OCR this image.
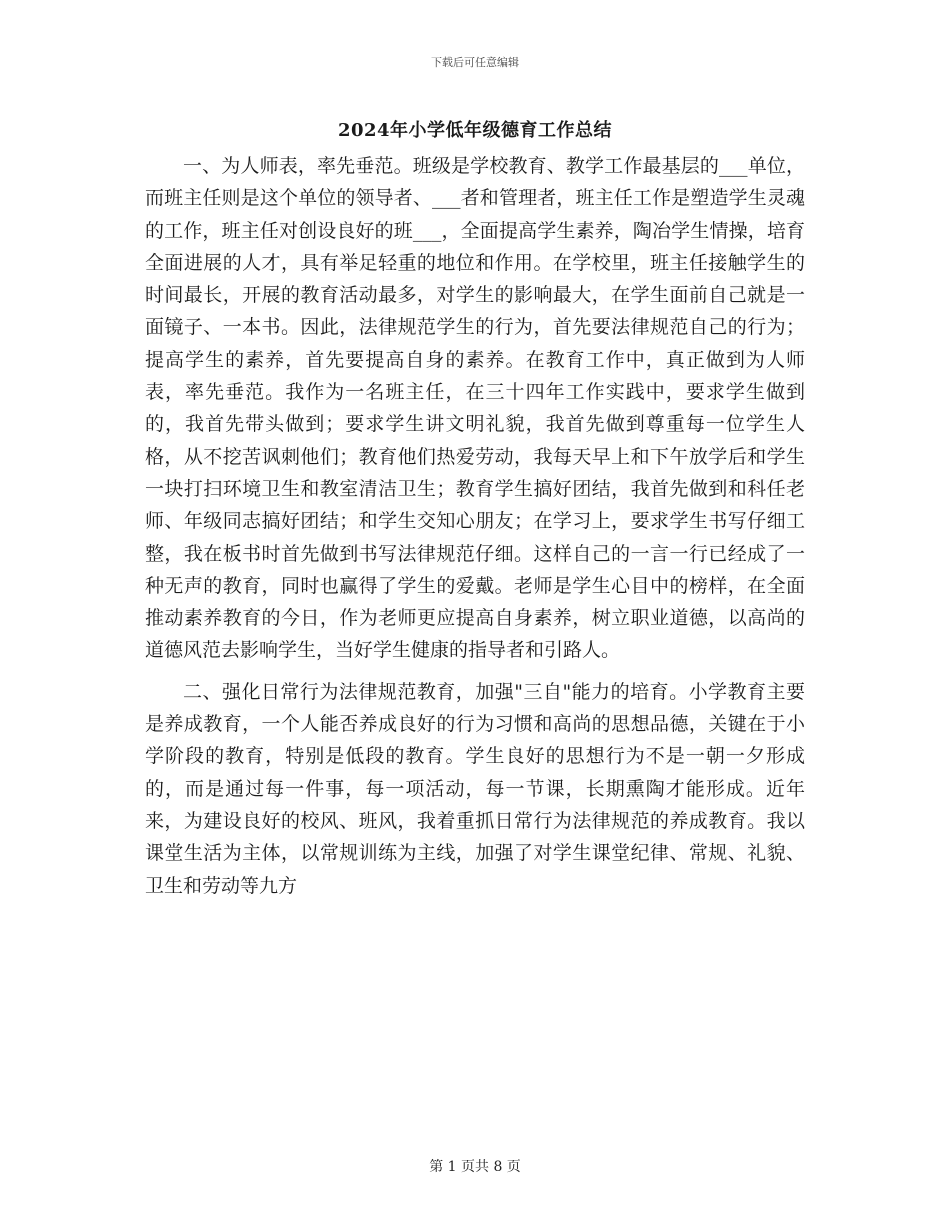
下载后可任意编辑
2024年小学低年级德育工作总结

一、为人师表，率先垂范。班级是学校教育、教学工作最基层的___单位，而班主任则是这个单位的领导者、___者和管理者，班主任工作是塑造学生灵魂的工作，班主任对创设良好的班___，全面提高学生素养，陶冶学生情操，培育全面进展的人才，具有举足轻重的地位和作用。在学校里，班主任接触学生的时间最长，开展的教育活动最多，对学生的影响最大，在学生面前自己就是一面镜子、一本书。因此，法律规范学生的行为，首先要法律规范自己的行为；提高学生的素养，首先要提高自身的素养。在教育工作中，真正做到为人师表，率先垂范。我作为一名班主任，在三十四年工作实践中，要求学生做到的，我首先带头做到；要求学生讲文明礼貌，我首先做到尊重每一位学生人格，从不挖苦讽刺他们；教育他们热爱劳动，我每天早上和下午放学后和学生一块打扫环境卫生和教室清洁卫生；教育学生搞好团结，我首先做到和科任老师、年级同志搞好团结；和学生交知心朋友；在学习上，要求学生书写仔细工整，我在板书时首先做到书写法律规范仔细。这样自己的一言一行已经成了一种无声的教育，同时也赢得了学生的爱戴。老师是学生心目中的榜样，在全面推动素养教育的今日，作为老师更应提高自身素养，树立职业道德，以高尚的道德风范去影响学生，当好学生健康的指导者和引路人。

二、强化日常行为法律规范教育，加强"三自"能力的培育。小学教育主要是养成教育，一个人能否养成良好的行为习惯和高尚的思想品德，关键在于小学阶段的教育，特别是低段的教育。学生良好的思想行为不是一朝一夕形成的，而是通过每一件事，每一项活动，每一节课，长期熏陶才能形成。近年来，为建设良好的校风、班风，我着重抓日常行为法律规范的养成教育。我以课堂生活为主体，以常规训练为主线，加强了对学生课堂纪律、常规、礼貌、卫生和劳动等九方

第 1 页共 8 页
